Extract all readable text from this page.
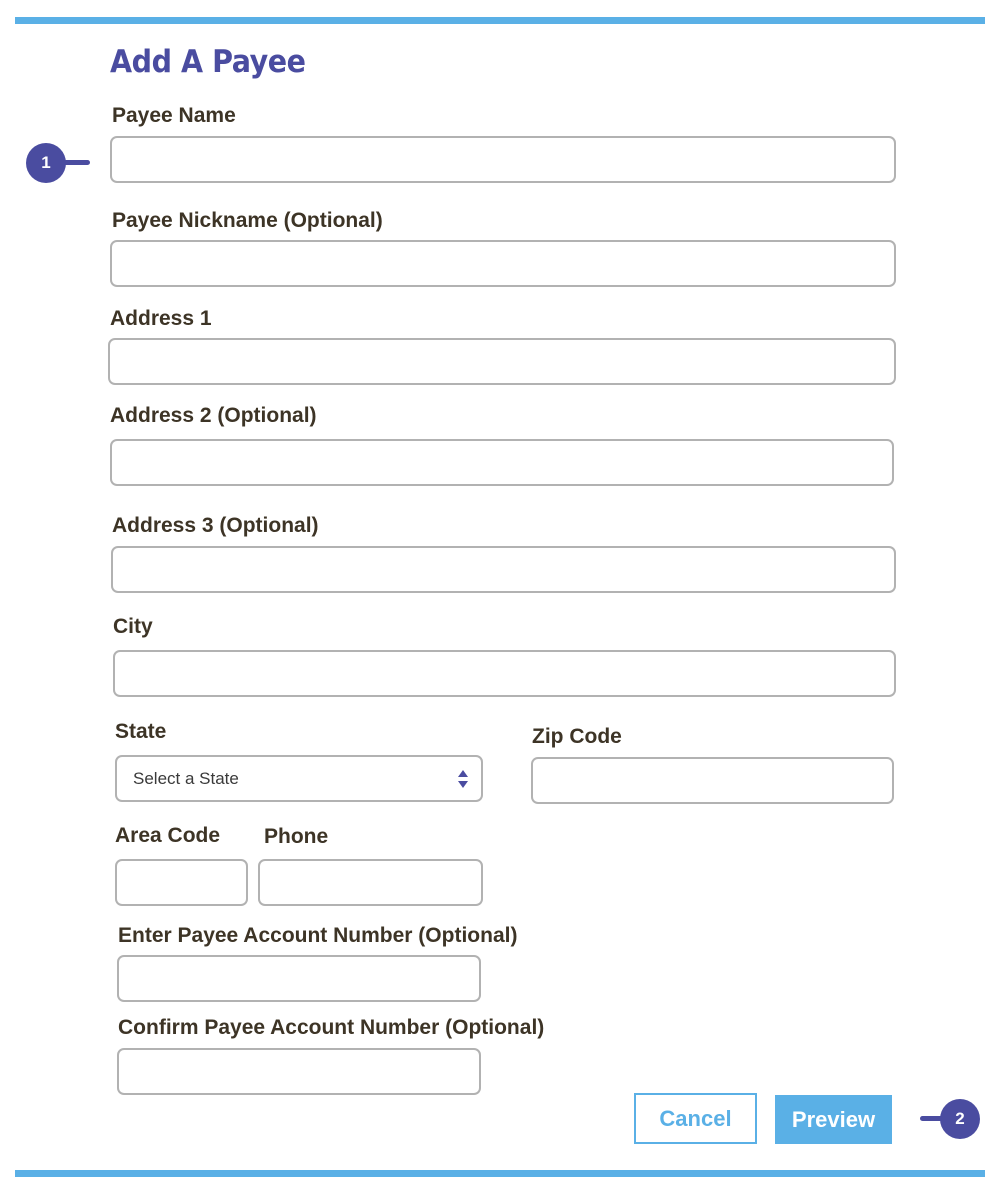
Add A Payee
1
Payee Name
Payee Nickname (Optional)
Address 1
Address 2 (Optional)
Address 3 (Optional)
City
State
Select a State
Zip Code
Area Code Phone
Enter Payee Account Number (Optional)
Confirm Payee Account Number (Optional)
Cancel	Preview	2
